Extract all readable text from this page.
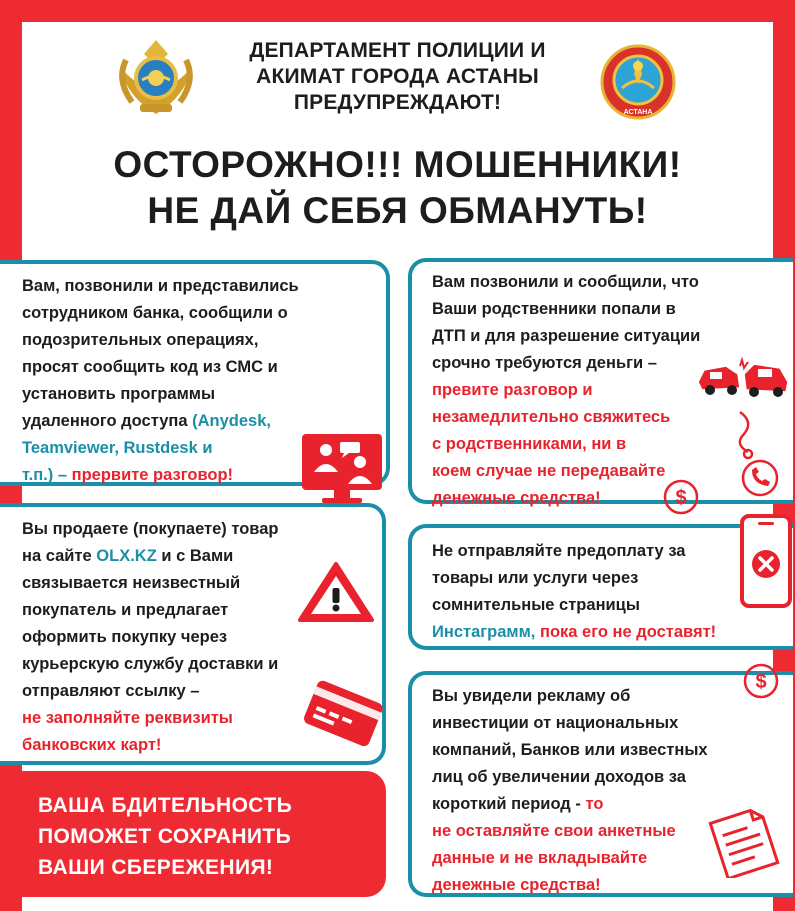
ДЕПАРТАМЕНТ ПОЛИЦИИ И
АКИМАТ ГОРОДА АСТАНЫ
ПРЕДУПРЕЖДАЮТ!	АСТАНА
ОСТОРОЖНО!!! МОШЕННИКИ!
НЕ ДАЙ СЕБЯ ОБМАНУТЬ!

Вам, позвонили и представились

сотрудником банка, сообщили о

подозрительных операциях,

просят сообщить код из СМС и

установить программы

удаленного доступа (Anydesk,

Teamviewer, Rustdesk и

т.п.) – прервите разговор!

Вам позвонили и сообщили, что

Ваши родственники попали в

ДТП и для разрешение ситуации

срочно требуются деньги –

превите разговор и

незамедлительно свяжитесь

с родственниками, ни в

коем случае не передавайте

денежные средства!	$

Вы продаете (покупаете) товар

на сайте OLX.KZ и с Вами

связывается неизвестный

покупатель и предлагает

оформить покупку через

курьерскую службу доставки и

отправляют ссылку –

не заполняйте реквизиты

банковских карт!

Не отправляйте предоплату за

товары или услуги через

сомнительные страницы

Инстаграмм, пока его не доставят!

Вы увидели рекламу об

инвестиции от национальных

компаний, Банков или известных

лиц об увеличении доходов за

короткий период - то

не оставляйте свои анкетные

данные и не вкладывайте

денежные средства!

$
ВАША БДИТЕЛЬНОСТЬ
ПОМОЖЕТ СОХРАНИТЬ
ВАШИ СБЕРЕЖЕНИЯ!
